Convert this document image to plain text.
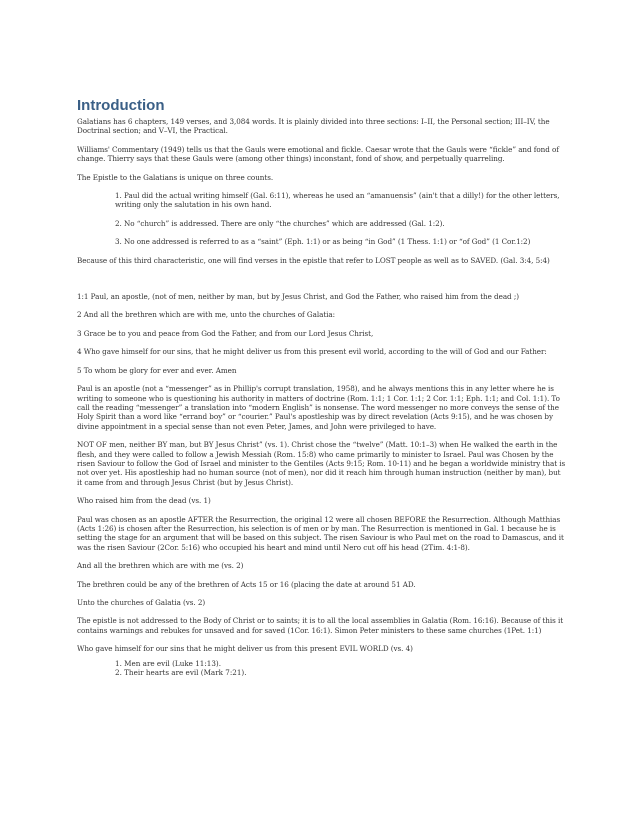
Introduction

Galatians has 6 chapters, 149 verses, and 3,084 words. It is plainly divided into three sections: I–II, the Personal section; III–IV, the Doctrinal section; and V–VI, the Practical.

Williams' Commentary (1949) tells us that the Gauls were emotional and fickle. Caesar wrote that the Gauls were “fickle” and fond of change. Thierry says that these Gauls were (among other things) inconstant, fond of show, and perpetually quarreling.

The Epistle to the Galatians is unique on three counts.

1. Paul did the actual writing himself (Gal. 6:11), whereas he used an “amanuensis” (ain't that a dilly!) for the other letters, writing only the salutation in his own hand.

2. No “church” is addressed. There are only “the churches” which are addressed (Gal. 1:2).

3. No one addressed is referred to as a “saint” (Eph. 1:1) or as being “in God” (1 Thess. 1:1) or “of God” (1 Cor.1:2)

Because of this third characteristic, one will find verses in the epistle that refer to LOST people as well as to SAVED. (Gal. 3:4, 5:4)

1:1 Paul, an apostle, (not of men, neither by man, but by Jesus Christ, and God the Father, who raised him from the dead ;)

2 And all the brethren which are with me, unto the churches of Galatia:

3 Grace be to you and peace from God the Father, and from our Lord Jesus Christ,

4 Who gave himself for our sins, that he might deliver us from this present evil world, according to the will of God and our Father:

5 To whom be glory for ever and ever. Amen

Paul is an apostle (not a “messenger” as in Phillip's corrupt translation, 1958), and he always mentions this in any letter where he is writing to someone who is questioning his authority in matters of doctrine (Rom. 1:1; 1 Cor. 1:1; 2 Cor. 1:1; Eph. 1:1; and Col. 1:1). To call the reading “messenger” a translation into “modern English” is nonsense. The word messenger no more conveys the sense of the Holy Spirit than a word like “errand boy” or “courier.” Paul's apostleship was by direct revelation (Acts 9:15), and he was chosen by divine appointment in a special sense than not even Peter, James, and John were privileged to have.

NOT OF men, neither BY man, but BY Jesus Christ” (vs. 1). Christ chose the “twelve” (Matt. 10:1–3) when He walked the earth in the flesh, and they were called to follow a Jewish Messiah (Rom. 15:8) who came primarily to minister to Israel. Paul was Chosen by the risen Saviour to follow the God of Israel and minister to the Gentiles (Acts 9:15; Rom. 10-11) and he began a worldwide ministry that is not over yet. His apostleship had no human source (not of men), nor did it reach him through human instruction (neither by man), but it came from and through Jesus Christ (but by Jesus Christ).

Who raised him from the dead (vs. 1)

Paul was chosen as an apostle AFTER the Resurrection, the original 12 were all chosen BEFORE the Resurrection. Although Matthias (Acts 1:26) is chosen after the Resurrection, his selection is of men or by man. The Resurrection is mentioned in Gal. 1 because he is setting the stage for an argument that will be based on this subject. The risen Saviour is who Paul met on the road to Damascus, and it was the risen Saviour (2Cor. 5:16) who occupied his heart and mind until Nero cut off his head (2Tim. 4:1-8).

And all the brethren which are with me (vs. 2)

The brethren could be any of the brethren of Acts 15 or 16 (placing the date at around 51 AD.

Unto the churches of Galatia (vs. 2)

The epistle is not addressed to the Body of Christ or to saints; it is to all the local assemblies in Galatia (Rom. 16:16). Because of this it contains warnings and rebukes for unsaved and for saved (1Cor. 16:1). Simon Peter ministers to these same churches (1Pet. 1:1)

Who gave himself for our sins that he might deliver us from this present EVIL WORLD (vs. 4)

1. Men are evil (Luke 11:13).
2. Their hearts are evil (Mark 7:21).
